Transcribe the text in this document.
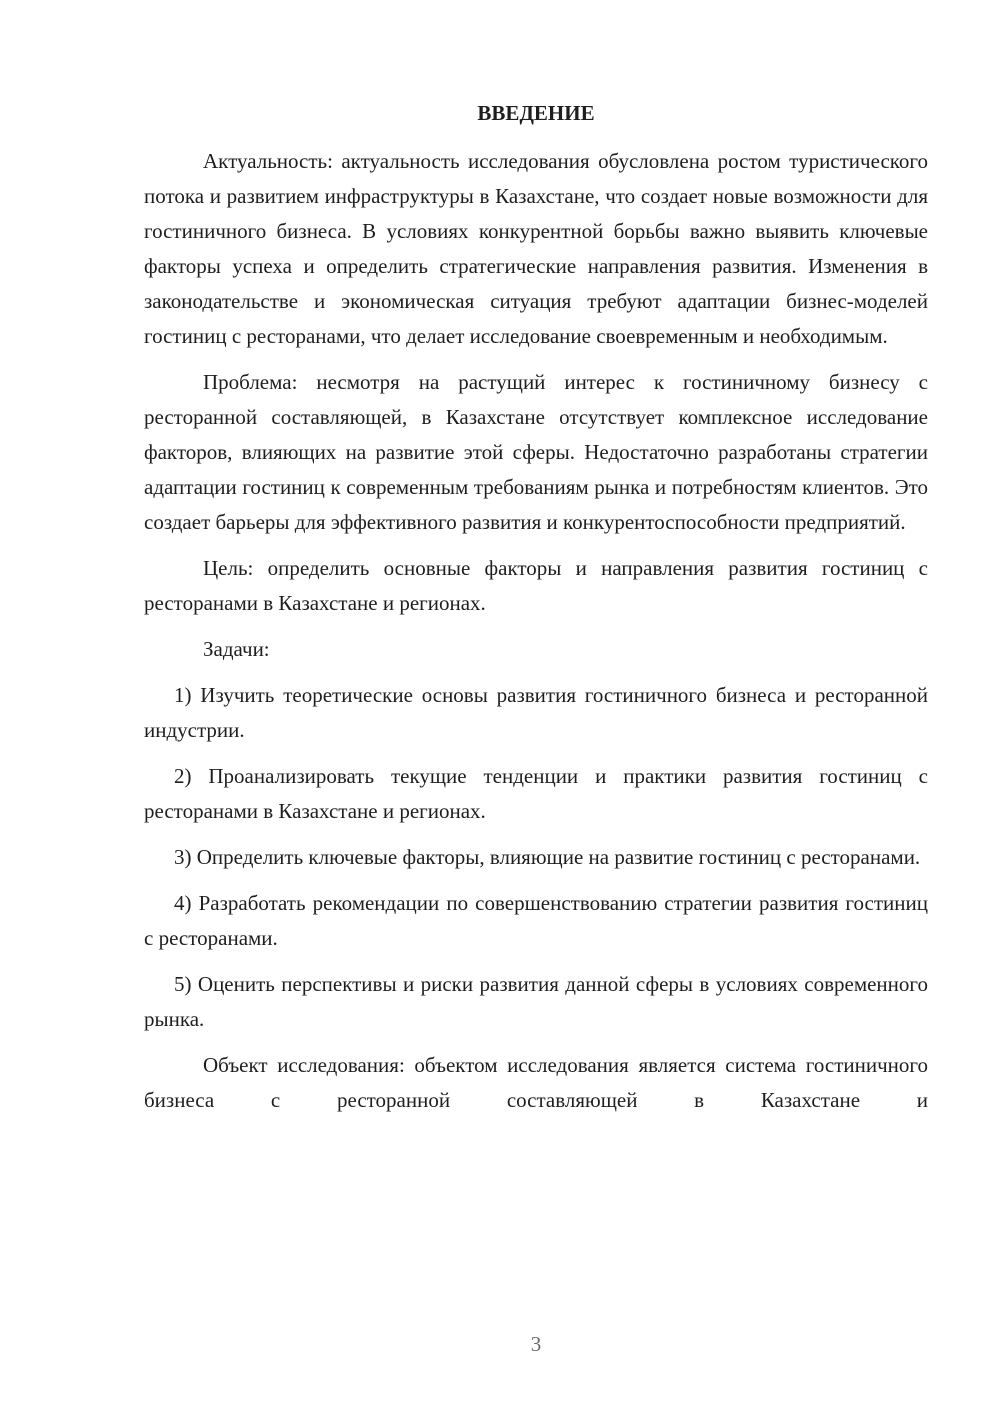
ВВЕДЕНИЕ

Актуальность: актуальность исследования обусловлена ростом туристического потока и развитием инфраструктуры в Казахстане, что создает новые возможности для гостиничного бизнеса. В условиях конкурентной борьбы важно выявить ключевые факторы успеха и определить стратегические направления развития. Изменения в законодательстве и экономическая ситуация требуют адаптации бизнес-моделей гостиниц с ресторанами, что делает исследование своевременным и необходимым.

Проблема: несмотря на растущий интерес к гостиничному бизнесу с ресторанной составляющей, в Казахстане отсутствует комплексное исследование факторов, влияющих на развитие этой сферы. Недостаточно разработаны стратегии адаптации гостиниц к современным требованиям рынка и потребностям клиентов. Это создает барьеры для эффективного развития и конкурентоспособности предприятий.

Цель: определить основные факторы и направления развития гостиниц с ресторанами в Казахстане и регионах.

Задачи:

1) Изучить теоретические основы развития гостиничного бизнеса и ресторанной индустрии.

2) Проанализировать текущие тенденции и практики развития гостиниц с ресторанами в Казахстане и регионах.

3) Определить ключевые факторы, влияющие на развитие гостиниц с ресторанами.

4) Разработать рекомендации по совершенствованию стратегии развития гостиниц с ресторанами.

5) Оценить перспективы и риски развития данной сферы в условиях современного рынка.

Объект исследования: объектом исследования является система гостиничного бизнеса с ресторанной составляющей в Казахстане и

3
